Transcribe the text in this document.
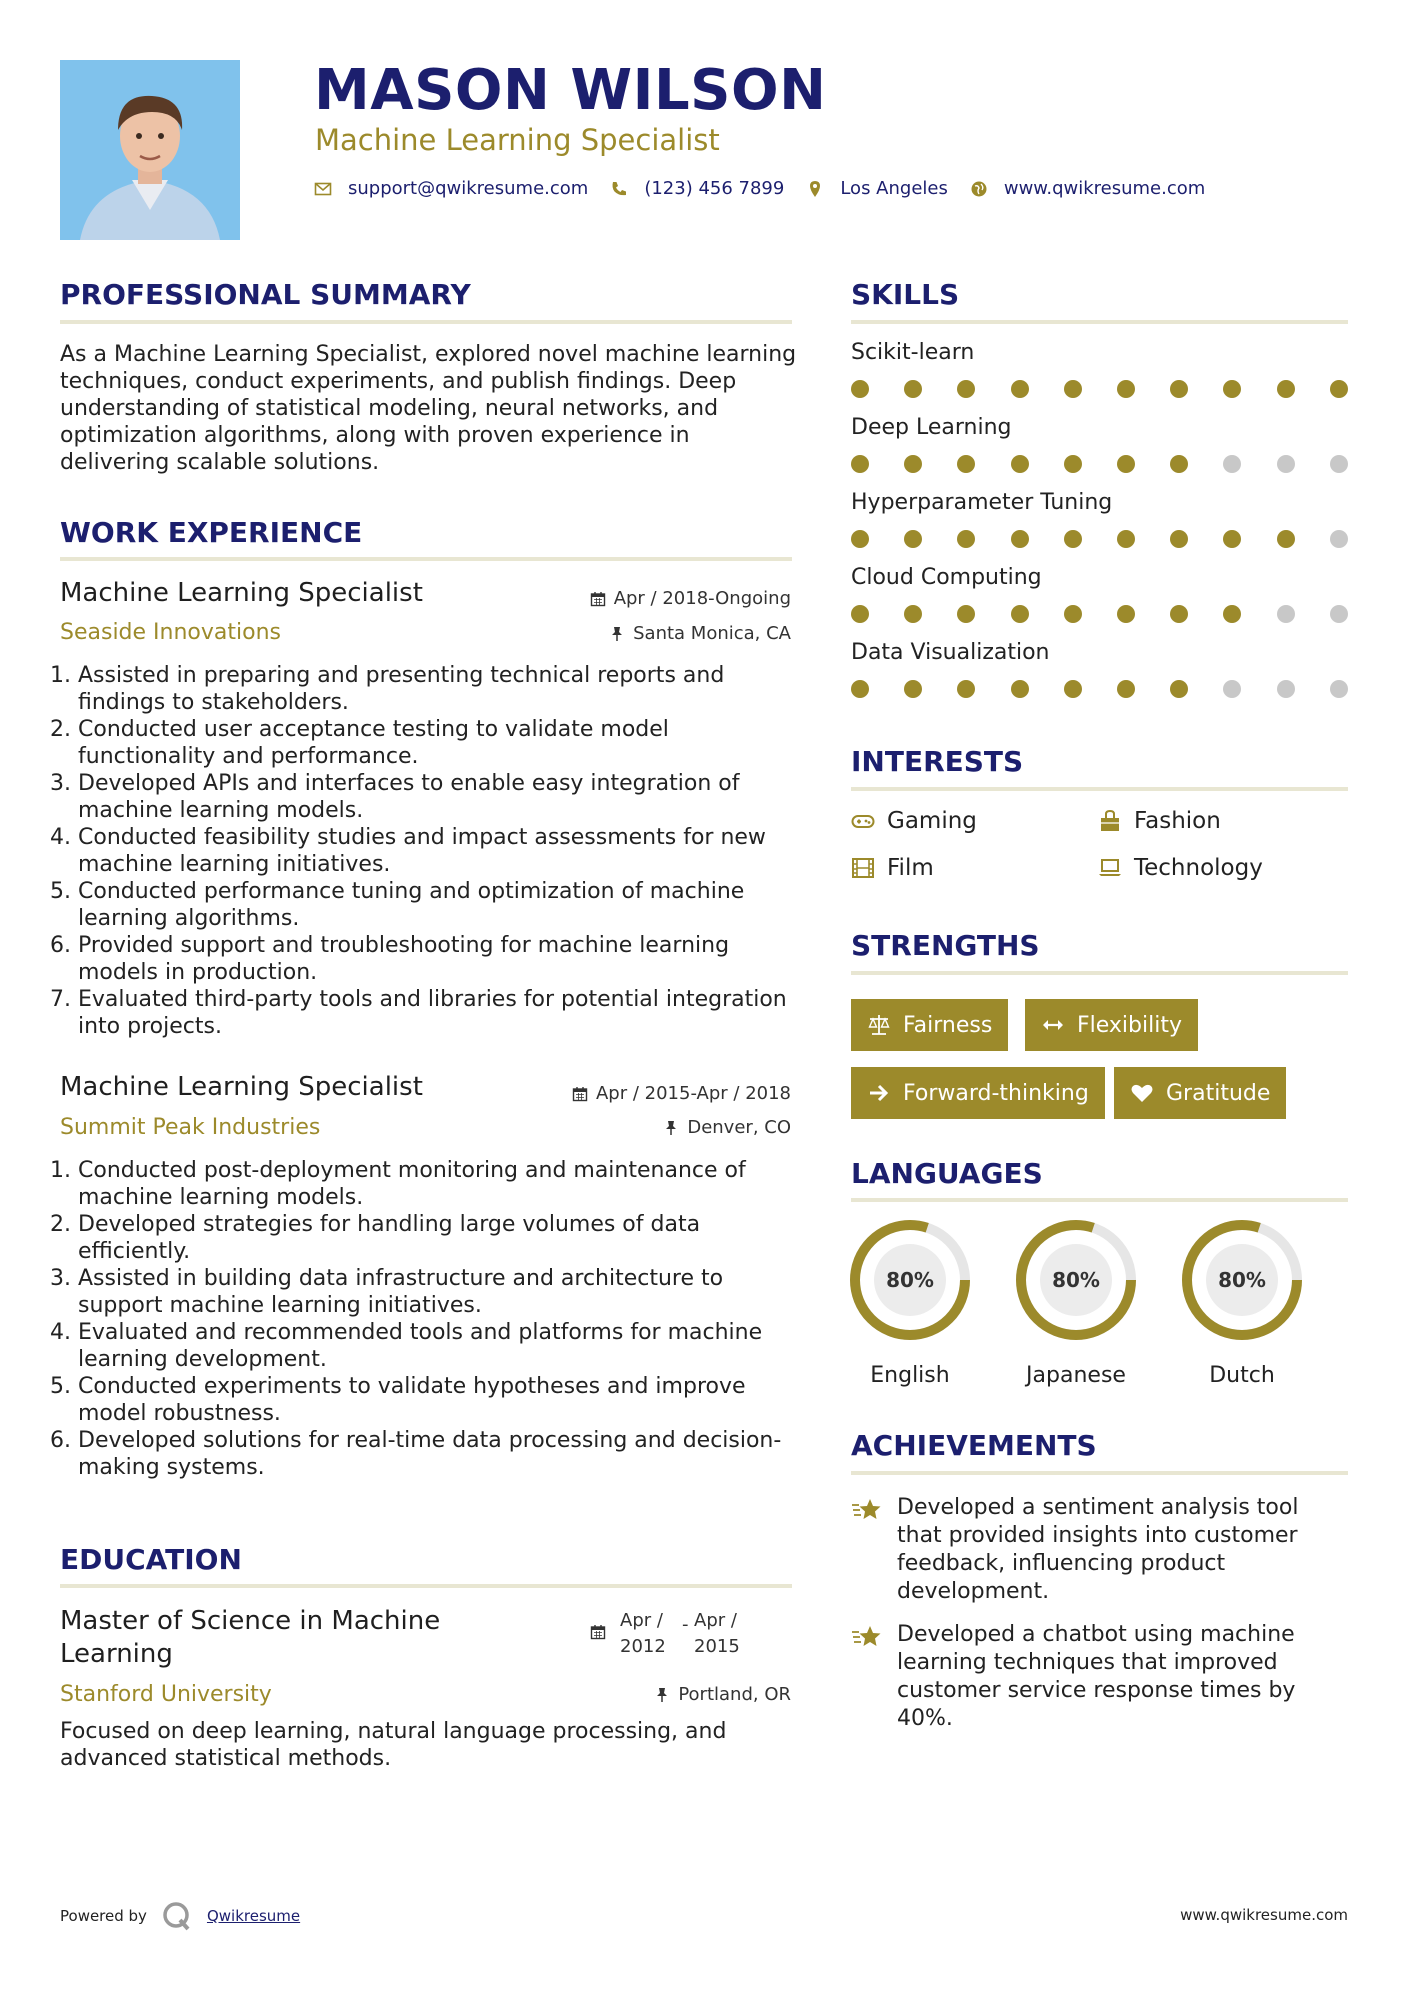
MASON WILSON
Machine Learning Specialist
support@qwikresume.com	(123) 456 7899	Los Angeles	www.qwikresume.com
PROFESSIONAL SUMMARY
As a Machine Learning Specialist, explored novel machine learning techniques, conduct experiments, and publish findings. Deep understanding of statistical modeling, neural networks, and optimization algorithms, along with proven experience in delivering scalable solutions.
WORK EXPERIENCE
Machine Learning Specialist
Seaside Innovations
Apr / 2018-Ongoing
Santa Monica, CA
1. Assisted in preparing and presenting technical reports and findings to stakeholders.
2. Conducted user acceptance testing to validate model functionality and performance.
3. Developed APIs and interfaces to enable easy integration of machine learning models.
4. Conducted feasibility studies and impact assessments for new machine learning initiatives.
5. Conducted performance tuning and optimization of machine learning algorithms.
6. Provided support and troubleshooting for machine learning models in production.
7. Evaluated third-party tools and libraries for potential integration into projects.
Machine Learning Specialist
Summit Peak Industries
Apr / 2015-Apr / 2018
Denver, CO
1. Conducted post-deployment monitoring and maintenance of machine learning models.
2. Developed strategies for handling large volumes of data efficiently.
3. Assisted in building data infrastructure and architecture to support machine learning initiatives.
4. Evaluated and recommended tools and platforms for machine learning development.
5. Conducted experiments to validate hypotheses and improve model robustness.
6. Developed solutions for real-time data processing and decision-making systems.
EDUCATION
Master of Science in Machine
Learning
Stanford University
Apr /
2012
- Apr /
2015
Portland, OR
Focused on deep learning, natural language processing, and advanced statistical methods.
SKILLS
Scikit-learn
Deep Learning
Hyperparameter Tuning
Cloud Computing
Data Visualization
INTERESTS
Gaming	Fashion
Film	Technology
STRENGTHS
Fairness	Flexibility
Forward-thinking	Gratitude
LANGUAGES
80%
English
80%
Japanese
80%
Dutch
ACHIEVEMENTS
Developed a sentiment analysis tool that provided insights into customer feedback, influencing product development.
Developed a chatbot using machine learning techniques that improved customer service response times by 40%.
Powered by	Qwikresume	www.qwikresume.com
